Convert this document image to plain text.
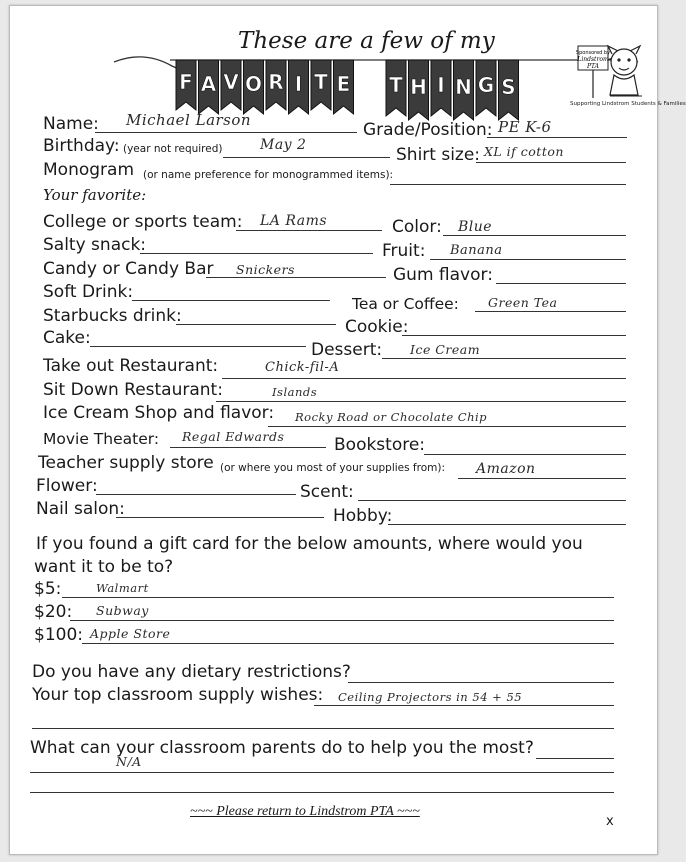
These are a few of my
F A V O R I T E T H I N G S
Sponsored by
Lindstrom
PTA
Supporting Lindstrom Students & Families
Name: Michael Larson	Grade/Position: PE K-6
Birthday: (year not required)	May 2	Shirt size: XL if cotton
Monogram (or name preference for monogrammed items):
Your favorite:
College or sports team: LA Rams	Color: Blue
Salty snack:	Fruit: Banana
Candy or Candy Bar Snickers	Gum flavor:
Soft Drink:
Tea or Coffee: Green Tea
Starbucks drink:
Cookie:
Cake:
Dessert: Ice Cream
Take out Restaurant:	Chick-fil-A
Sit Down Restaurant:	Islands
Ice Cream Shop and flavor: Rocky Road or Chocolate Chip
Movie Theater: Regal Edwards	Bookstore:
Teacher supply store (or where you most of your supplies from): Amazon
Flower:	Scent:
Nail salon:	Hobby:
If you found a gift card for the below amounts, where would you
want it to be to?
$5:	Walmart
$20: Subway
$100: Apple Store
Do you have any dietary restrictions?
Your top classroom supply wishes: Ceiling Projectors in 54 + 55
What can your classroom parents do to help you the most?
N/A
~~~ Please return to Lindstrom PTA ~~~
x
